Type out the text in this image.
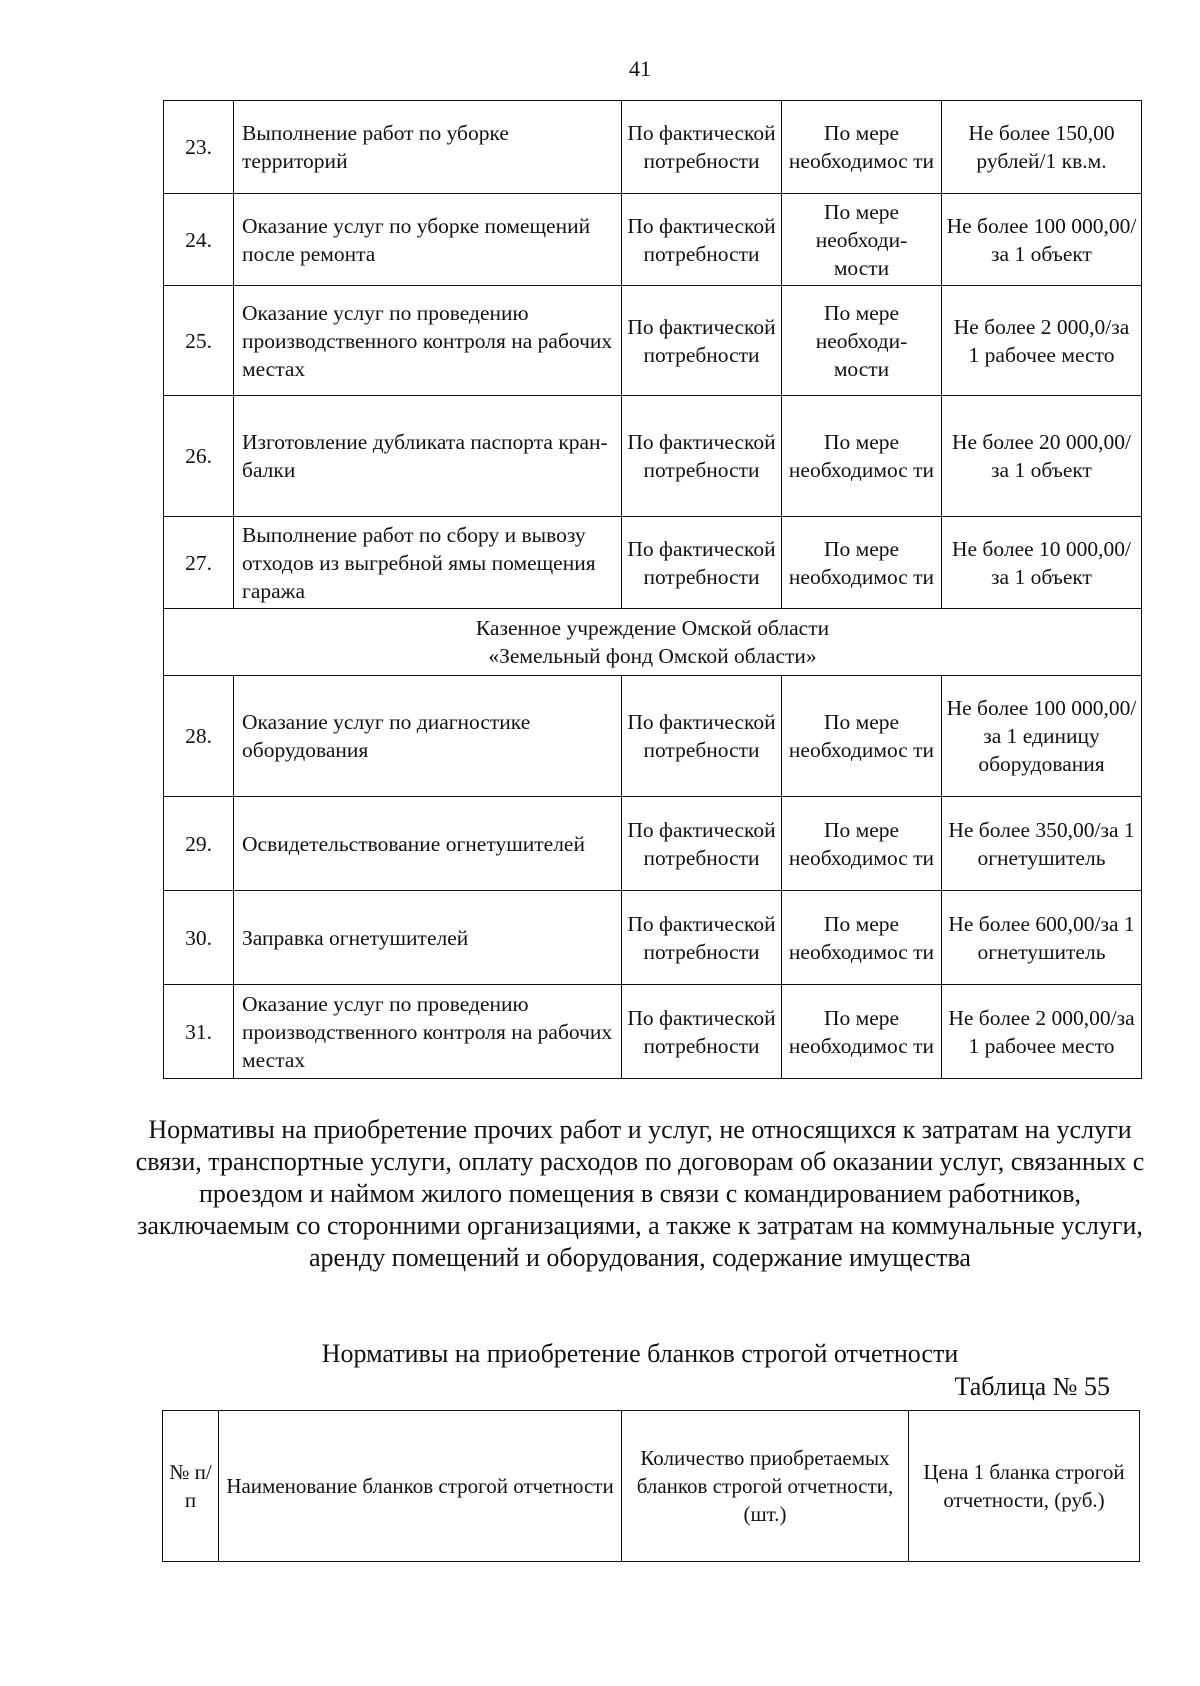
41
23.	Выполнение работ по уборке территорий	По фактической потребности	По мере необходимос ти	Не более 150,00 рублей/1 кв.м.
24.	Оказание услуг по уборке помещений после ремонта	По фактической потребности	По мере необходи- мости	Не более 100 000,00/за 1 объект
25.	Оказание услуг по проведению производственного контроля на рабочих местах	По фактической потребности	По мере необходи- мости	Не более 2 000,0/за 1 рабочее место
26.	Изготовление дубликата паспорта кран-балки	По фактической потребности	По мере необходимос ти	Не более 20 000,00/за 1 объект
27.	Выполнение работ по сбору и вывозу отходов из выгребной ямы помещения гаража	По фактической потребности	По мере необходимос ти	Не более 10 000,00/за 1 объект

Казенное учреждение Омской области
«Земельный фонд Омской области»				

28.	Оказание услуг по диагностике оборудования	По фактической потребности	По мере необходимос ти	Не более 100 000,00/за 1 единицу оборудования
29.	Освидетельствование огнетушителей	По фактической потребности	По мере необходимос ти	Не более 350,00/за 1 огнетушитель
30.	Заправка огнетушителей	По фактической потребности	По мере необходимос ти	Не более 600,00/за 1 огнетушитель
31.	Оказание услуг по проведению производственного контроля на рабочих местах	По фактической потребности	По мере необходимос ти	Не более 2 000,00/за 1 рабочее место
Нормативы на приобретение прочих работ и услуг, не относящихся к затратам на услуги связи, транспортные услуги, оплату расходов по договорам об оказании услуг, связанных с проездом и наймом жилого помещения в связи с командированием работников, заключаемым со сторонними организациями, а также к затратам на коммунальные услуги, аренду помещений и оборудования, содержание имущества
Нормативы на приобретение бланков строгой отчетности
Таблица № 55
№ п/п	Наименование бланков строгой отчетности	Количество приобретаемых бланков строгой отчетности, (шт.)	Цена 1 бланка строгой отчетности, (руб.)
